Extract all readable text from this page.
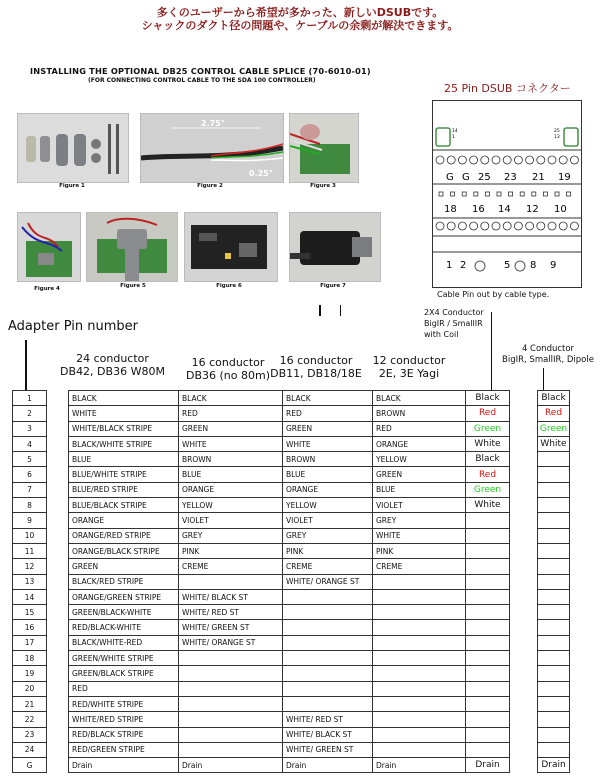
多くのユーザーから希望が多かった、新しいDSUBです。
シャックのダクト径の問題や、ケーブルの余剰が解決できます。
INSTALLING THE OPTIONAL DB25 CONTROL CABLE SPLICE (70-6010-01)
(FOR CONNECTING CONTROL CABLE TO THE SDA 100 CONTROLLER)
Figure 1
2.75"
0.25"
Figure 2	Figure 3
Figure 4	Figure 5	Figure 6	Figure 7
25 Pin DSUB コネクター
14
1
25
13
G G 25 23 21 19
18 16 14 12 10
1 2	5 8 9
Cable Pin out by cable type.
Adapter Pin number
24 conductor
DB42, DB36 W80M
16 conductor
DB36 (no 80m)
16 conductor
DB11, DB18/18E
12 conductor
2E, 3E Yagi
2X4 Conductor
BigIR / SmallIR
with Coil
4 Conductor
BigIR, SmallIR, Dipole
1		BLACK	BLACK	BLACK	BLACK	Black		Black
2		WHITE	RED	RED	BROWN	Red		Red
3		WHITE/BLACK STRIPE	GREEN	GREEN	RED	Green		Green
4		BLACK/WHITE STRIPE	WHITE	WHITE	ORANGE	White		White
5		BLUE	BROWN	BROWN	YELLOW	Black		
6		BLUE/WHITE STRIPE	BLUE	BLUE	GREEN	Red		
7		BLUE/RED STRIPE	ORANGE	ORANGE	BLUE	Green		
8		BLUE/BLACK STRIPE	YELLOW	YELLOW	VIOLET	White		
9		ORANGE	VIOLET	VIOLET	GREY			
10		ORANGE/RED STRIPE	GREY	GREY	WHITE			
11		ORANGE/BLACK STRIPE	PINK	PINK	PINK			
12		GREEN	CREME	CREME	CREME			
13		BLACK/RED STRIPE		WHITE/ ORANGE ST				
14		ORANGE/GREEN STRIPE	WHITE/ BLACK ST					
15		GREEN/BLACK-WHITE	WHITE/ RED ST					
16		RED/BLACK-WHITE	WHITE/ GREEN ST					
17		BLACK/WHITE-RED	WHITE/ ORANGE ST					
18		GREEN/WHITE STRIPE						
19		GREEN/BLACK STRIPE						
20		RED						
21		RED/WHITE STRIPE						
22		WHITE/RED STRIPE		WHITE/ RED ST				
23		RED/BLACK STRIPE		WHITE/ BLACK ST				
24		RED/GREEN STRIPE		WHITE/ GREEN ST				
G		Drain	Drain	Drain	Drain	Drain		Drain
